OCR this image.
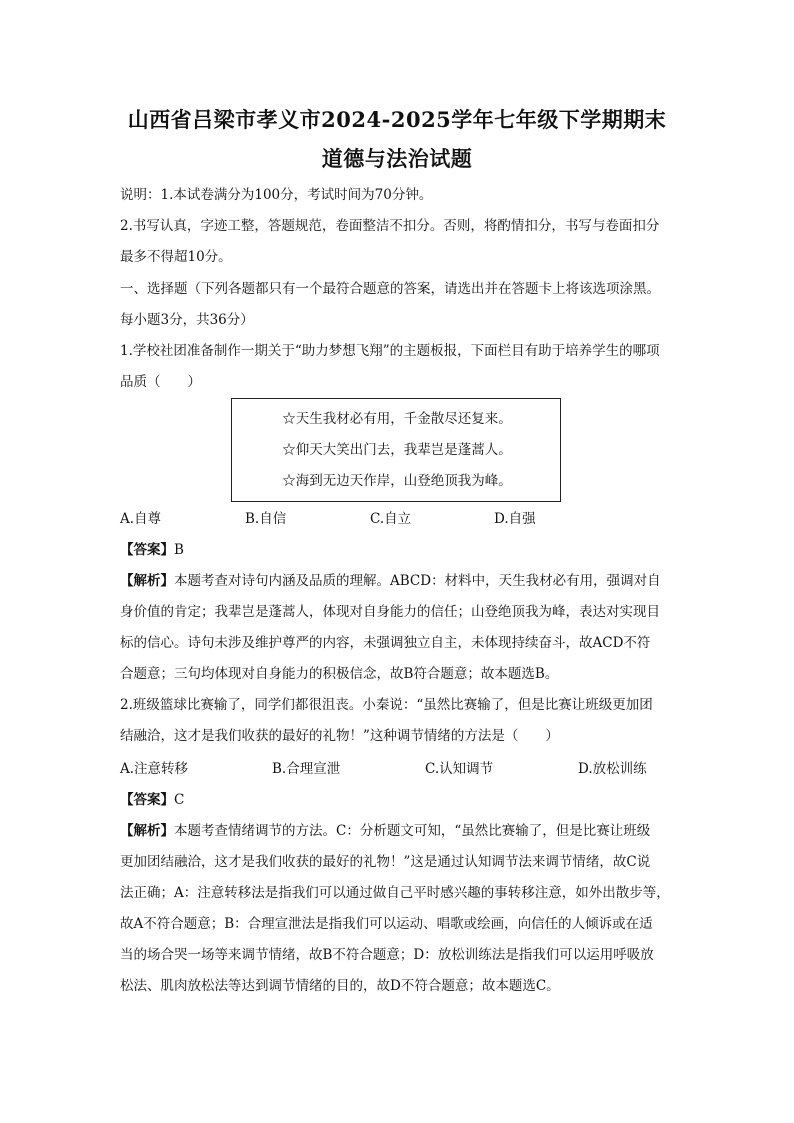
山西省吕梁市孝义市2024-2025学年七年级下学期期末
道德与法治试题
说明：1.本试卷满分为100分，考试时间为70分钟。
2.书写认真，字迹工整，答题规范，卷面整洁不扣分。否则，将酌情扣分，书写与卷面扣分
最多不得超10分。
一、选择题（下列各题都只有一个最符合题意的答案，请选出并在答题卡上将该选项涂黑。
每小题3分，共36分）
1.学校社团准备制作一期关于“助力梦想飞翔”的主题板报，下面栏目有助于培养学生的哪项
品质（　　）
☆天生我材必有用，千金散尽还复来。
☆仰天大笑出门去，我辈岂是蓬蒿人。
☆海到无边天作岸，山登绝顶我为峰。
A.自尊	B.自信	C.自立	D.自强
【答案】B
【解析】本题考查对诗句内涵及品质的理解。ABCD：材料中，天生我材必有用，强调对自
身价值的肯定；我辈岂是蓬蒿人，体现对自身能力的信任；山登绝顶我为峰，表达对实现目
标的信心。诗句未涉及维护尊严的内容，未强调独立自主，未体现持续奋斗，故ACD不符
合题意；三句均体现对自身能力的积极信念，故B符合题意；故本题选B。
2.班级篮球比赛输了，同学们都很沮丧。小秦说：“虽然比赛输了，但是比赛让班级更加团
结融洽，这才是我们收获的最好的礼物！”这种调节情绪的方法是（　　）
A.注意转移	B.合理宣泄	C.认知调节	D.放松训练
【答案】C
【解析】本题考查情绪调节的方法。C：分析题文可知，“虽然比赛输了，但是比赛让班级
更加团结融洽，这才是我们收获的最好的礼物！”这是通过认知调节法来调节情绪，故C说
法正确；A：注意转移法是指我们可以通过做自己平时感兴趣的事转移注意，如外出散步等，
故A不符合题意；B：合理宣泄法是指我们可以运动、唱歌或绘画，向信任的人倾诉或在适
当的场合哭一场等来调节情绪，故B不符合题意；D：放松训练法是指我们可以运用呼吸放
松法、肌肉放松法等达到调节情绪的目的，故D不符合题意；故本题选C。
